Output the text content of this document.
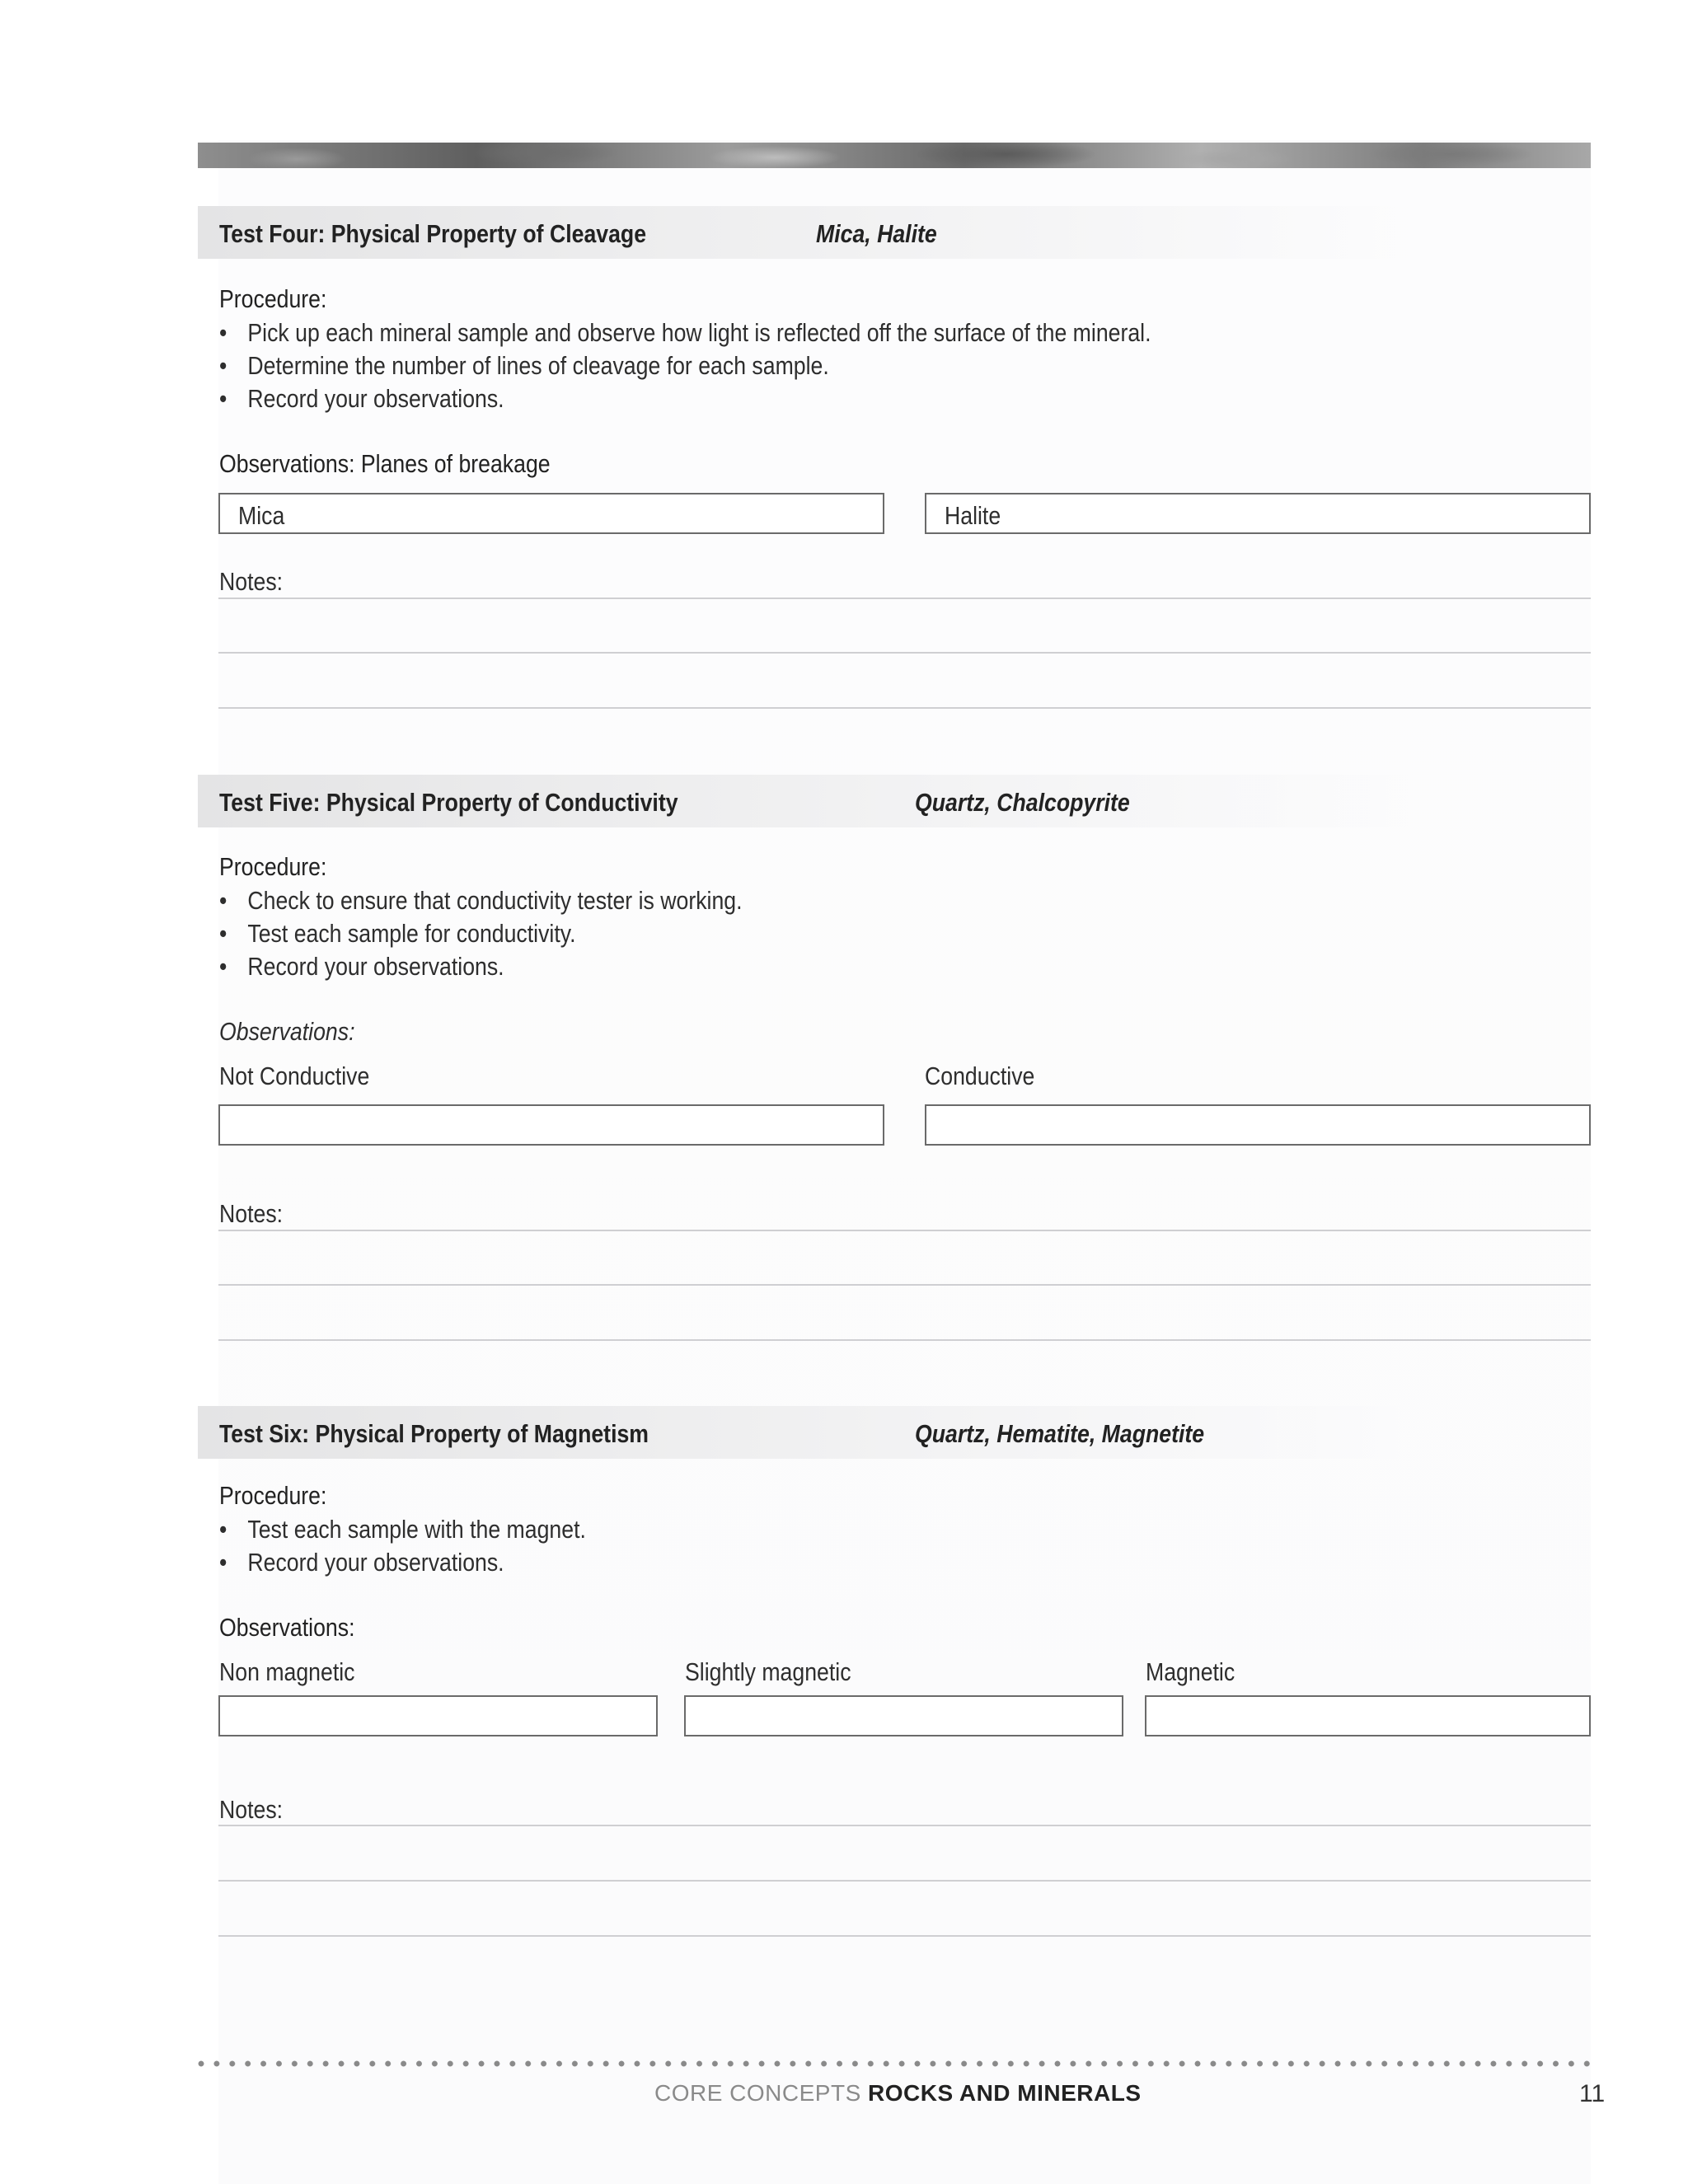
Test Four: Physical Property of Cleavage	Mica, Halite
Procedure:
• Pick up each mineral sample and observe how light is reflected off the surface of the mineral.
• Determine the number of lines of cleavage for each sample.
• Record your observations.
Observations: Planes of breakage
Mica	Halite
Notes:
Test Five: Physical Property of Conductivity	Quartz, Chalcopyrite
Procedure:
• Check to ensure that conductivity tester is working.
• Test each sample for conductivity.
• Record your observations.
Observations:
Not Conductive	Conductive
Notes:
Test Six: Physical Property of Magnetism	Quartz, Hematite, Magnetite
Procedure:
• Test each sample with the magnet.
• Record your observations.
Observations:
Non magnetic	Slightly magnetic	Magnetic
Notes:
CORE CONCEPTS ROCKS AND MINERALS	11
